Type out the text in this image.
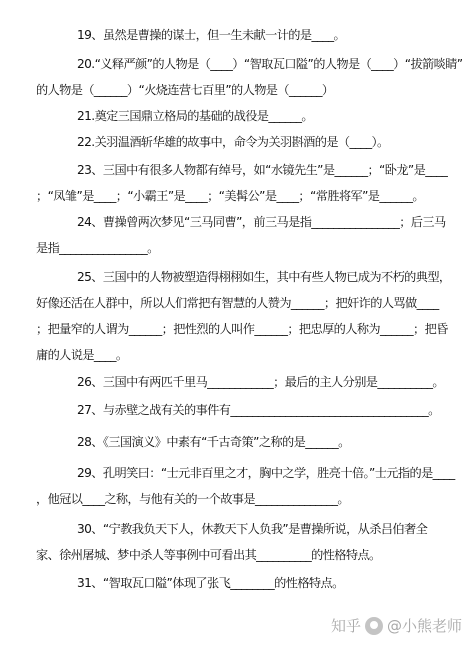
19、虽然是曹操的谋士，但一生未献一计的是____。
20.“义释严颜”的人物是（____）“智取瓦口隘”的人物是（____）“拔箭啖睛”
的人物是（______）“火烧连营七百里”的人物是（______）
21.奠定三国鼎立格局的基础的战役是______。
22.关羽温酒斩华雄的故事中，命令为关羽斟酒的是（____）。
23、三国中有很多人物都有绰号，如“水镜先生”是______；“卧龙”是____
；“凤雏”是____；“小霸王”是____；“美髯公”是____；“常胜将军”是______。
24、曹操曾两次梦见“三马同曹”，前三马是指________________；后三马
是指________________。
25、三国中的人物被塑造得栩栩如生，其中有些人物已成为不朽的典型，
好像还活在人群中，所以人们常把有智慧的人赞为______；把奸诈的人骂做____
；把量窄的人谓为______；把性烈的人叫作______；把忠厚的人称为______；把昏
庸的人说是____。
26、三国中有两匹千里马____________；最后的主人分别是__________。
27、与赤壁之战有关的事件有____________________________________。
28、《三国演义》中素有“千古奇策”之称的是______。
29、孔明笑曰：“士元非百里之才，胸中之学，胜亮十倍。”士元指的是____
，他冠以____之称，与他有关的一个故事是_______________。
30、“宁教我负天下人，休教天下人负我”是曹操所说，从杀吕伯奢全
家、徐州屠城、梦中杀人等事例中可看出其__________的性格特点。
31、“智取瓦口隘”体现了张飞________的性格特点。
知乎 @小熊老师
